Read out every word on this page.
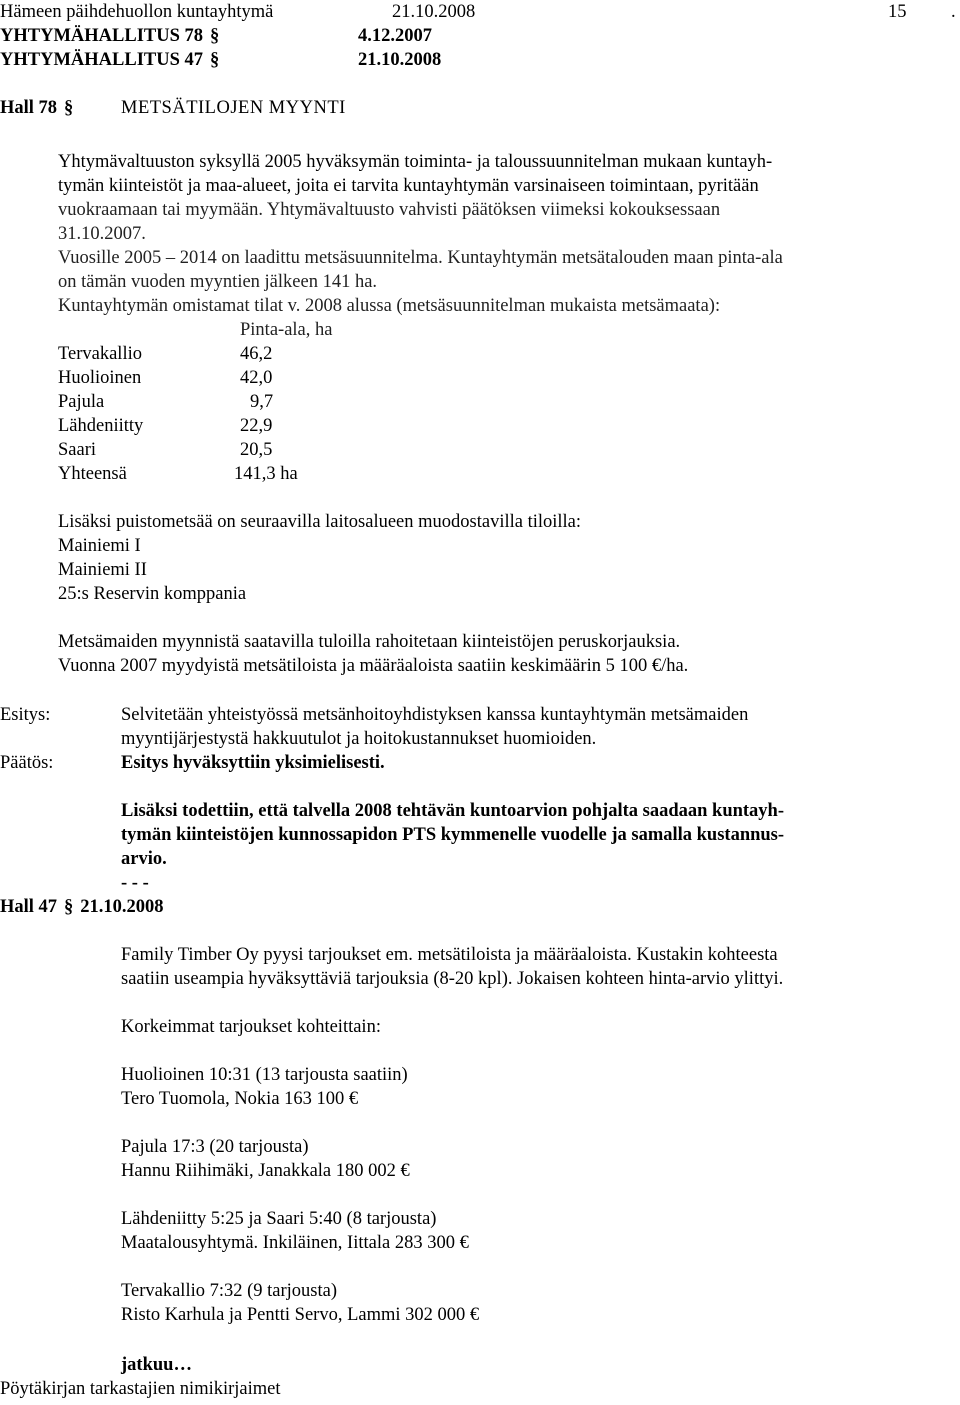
Hämeen päihdehuollon kuntayhtymä	21.10.2008	15 .
YHTYMÄHALLITUS 78 §	4.12.2007
YHTYMÄHALLITUS 47 §	21.10.2008
Hall 78 §	METSÄTILOJEN MYYNTI
Yhtymävaltuuston syksyllä 2005 hyväksymän toiminta- ja taloussuunnitelman mukaan kuntayh-
tymän kiinteistöt ja maa-alueet, joita ei tarvita kuntayhtymän varsinaiseen toimintaan, pyritään
vuokraamaan tai myymään. Yhtymävaltuusto vahvisti päätöksen viimeksi kokouksessaan
31.10.2007.
Vuosille 2005 – 2014 on laadittu metsäsuunnitelma. Kuntayhtymän metsätalouden maan pinta-ala
on tämän vuoden myyntien jälkeen 141 ha.
Kuntayhtymän omistamat tilat v. 2008 alussa (metsäsuunnitelman mukaista metsämaata):
Pinta-ala, ha
Tervakallio	46,2
Huolioinen	42,0
Pajula	9,7
Lähdeniitty	22,9
Saari	20,5
Yhteensä	141,3 ha
Lisäksi puistometsää on seuraavilla laitosalueen muodostavilla tiloilla:
Mainiemi I
Mainiemi II
25:s Reservin komppania
Metsämaiden myynnistä saatavilla tuloilla rahoitetaan kiinteistöjen peruskorjauksia.
Vuonna 2007 myydyistä metsätiloista ja määräaloista saatiin keskimäärin 5 100 €/ha.
Esitys:	Selvitetään yhteistyössä metsänhoitoyhdistyksen kanssa kuntayhtymän metsämaiden
myyntijärjestystä hakkuutulot ja hoitokustannukset huomioiden.
Päätös:	Esitys hyväksyttiin yksimielisesti.
Lisäksi todettiin, että talvella 2008 tehtävän kuntoarvion pohjalta saadaan kuntayh-
tymän kiinteistöjen kunnossapidon PTS kymmenelle vuodelle ja samalla kustannus-
arvio.
- - -
Hall 47 § 21.10.2008
Family Timber Oy pyysi tarjoukset em. metsätiloista ja määräaloista. Kustakin kohteesta
saatiin useampia hyväksyttäviä tarjouksia (8-20 kpl). Jokaisen kohteen hinta-arvio ylittyi.
Korkeimmat tarjoukset kohteittain:
Huolioinen 10:31 (13 tarjousta saatiin)
Tero Tuomola, Nokia 163 100 €
Pajula 17:3 (20 tarjousta)
Hannu Riihimäki, Janakkala 180 002 €
Lähdeniitty 5:25 ja Saari 5:40 (8 tarjousta)
Maatalousyhtymä. Inkiläinen, Iittala 283 300 €
Tervakallio 7:32 (9 tarjousta)
Risto Karhula ja Pentti Servo, Lammi 302 000 €
jatkuu…
Pöytäkirjan tarkastajien nimikirjaimet
